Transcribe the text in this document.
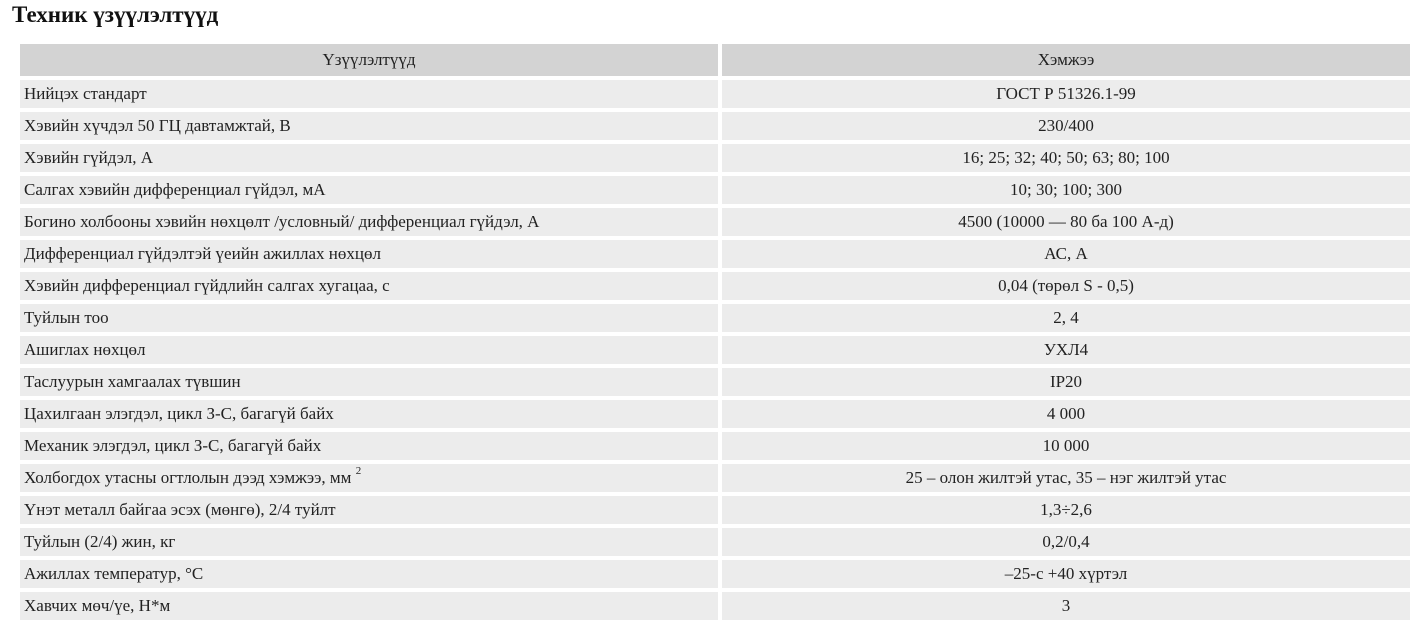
Техник үзүүлэлтүүд
Үзүүлэлтүүд	Хэмжээ
Нийцэх стандарт	ГОСТ Р 51326.1-99
Хэвийн хүчдэл 50 ГЦ давтамжтай, В	230/400
Хэвийн гүйдэл, А	16; 25; 32; 40; 50; 63; 80; 100
Салгах хэвийн дифференциал гүйдэл, мА	10; 30; 100; 300
Богино холбооны хэвийн нөхцөлт /условный/ дифференциал гүйдэл, А	4500 (10000 — 80 ба 100 А-д)
Дифференциал гүйдэлтэй үеийн ажиллах нөхцөл	АС, А
Хэвийн дифференциал гүйдлийн салгах хугацаа, с	0,04 (төрөл S - 0,5)
Туйлын тоо	2, 4
Ашиглах нөхцөл	УХЛ4
Таслуурын хамгаалах түвшин	IP20
Цахилгаан элэгдэл, цикл З-С, багагүй байх	4 000
Механик элэгдэл, цикл З-С, багагүй байх	10 000
Холбогдох утасны огтлолын дээд хэмжээ, мм $^2$	25 – олон жилтэй утас, 35 – нэг жилтэй утас
Үнэт металл байгаа эсэх (мөнгө), 2/4 туйлт	1,3÷2,6
Туйлын (2/4) жин, кг	0,2/0,4
Ажиллах температур, °С	–25-с +40 хүртэл
Хавчих мөч/үе, Н*м	3
